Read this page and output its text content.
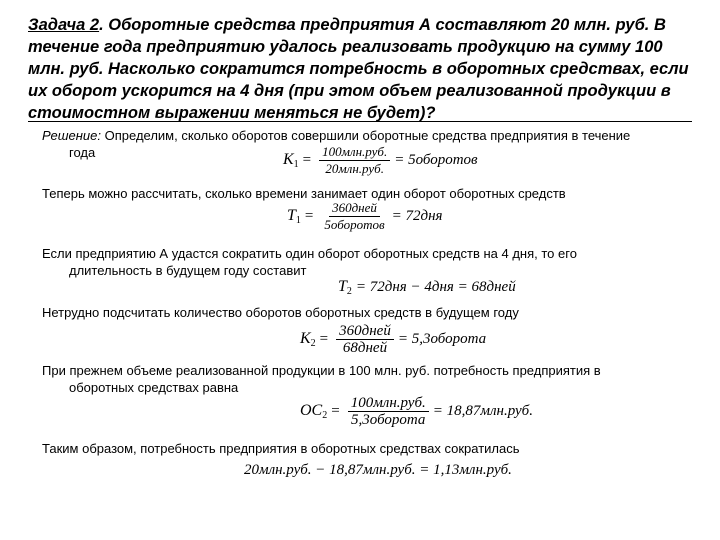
Задача 2. Оборотные средства предприятия А составляют 20 млн. руб. В течение года предприятию удалось реализовать продукцию на сумму 100 млн. руб. Насколько сократится потребность в оборотных средствах, если их оборот ускорится на 4 дня (при этом объем реализованной продукции в стоимостном выражении меняться не будет)?
Решение: Определим, сколько оборотов совершили оборотные средства предприятия в течение
года	$K1 = \frac{\text{100млн.руб.}}{\text{20млн.руб.}}$ = 5оборотов
Теперь можно рассчитать, сколько времени занимает один оборот оборотных средств
$T1 = \frac{\text{360дней}}{\text{5оборотов}} = 72дня$
Если предприятию А удастся сократить один оборот оборотных средств на 4 дня, то его
длительность в будущем году составит
T2 = 72дня − 4дня = 68дней
Нетрудно подсчитать количество оборотов оборотных средств в будущем году
$K2 = \frac{\text{360дней}}{\text{68дней}}$ = 5,3оборота
При прежнем объеме реализованной продукции в 100 млн. руб. потребность предприятия в
оборотных средствах равна
$OC2 = \frac{\text{100млн.руб.}}{\text{5,3оборота}} = 18,87млн.руб$.
Таким образом, потребность предприятия в оборотных средствах сократилась
20млн.руб. − 18,87млн.руб. = 1,13млн.руб.
